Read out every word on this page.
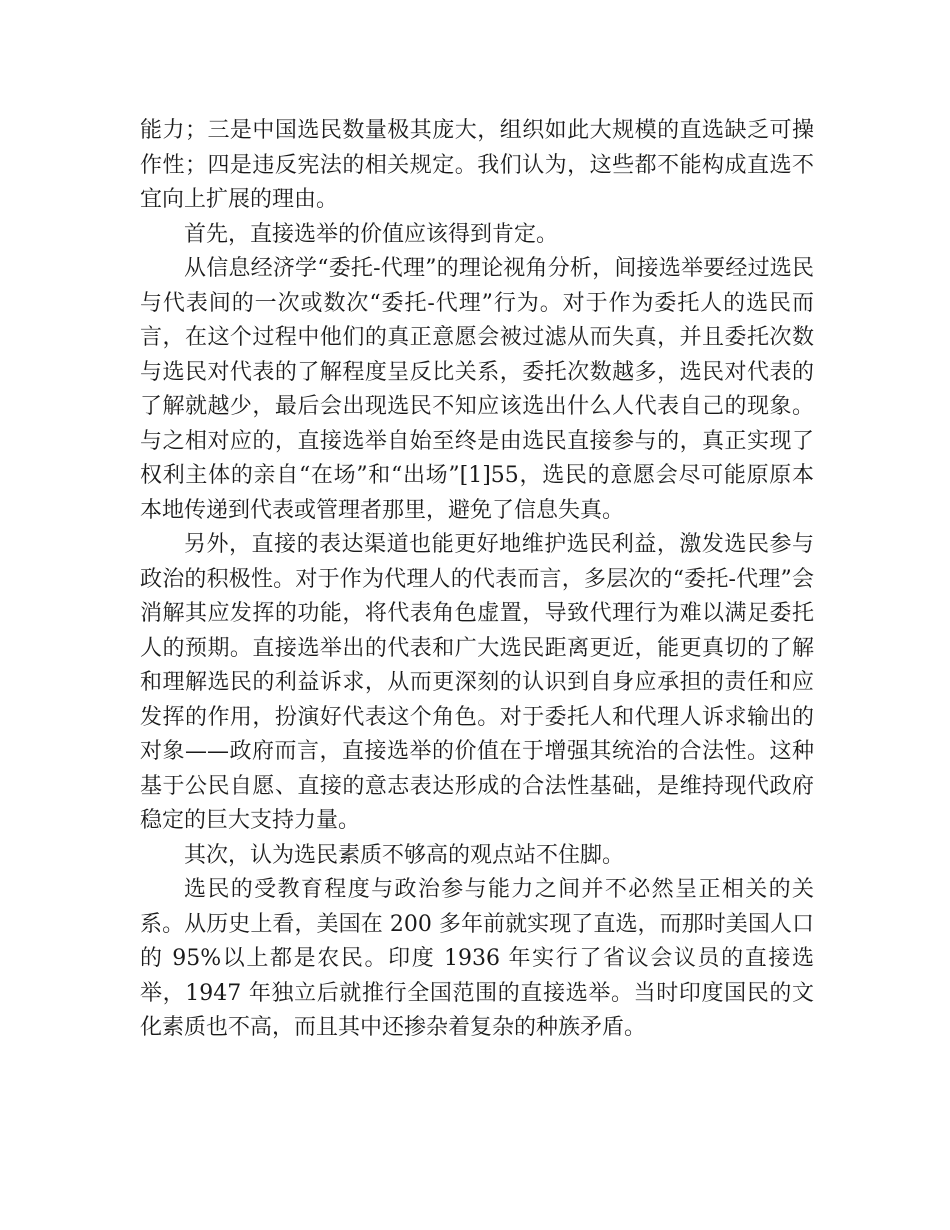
能力；三是中国选民数量极其庞大，组织如此大规模的直选缺乏可操作性；四是违反宪法的相关规定。我们认为，这些都不能构成直选不宜向上扩展的理由。

首先，直接选举的价值应该得到肯定。

从信息经济学“委托-代理”的理论视角分析，间接选举要经过选民与代表间的一次或数次“委托-代理”行为。对于作为委托人的选民而言，在这个过程中他们的真正意愿会被过滤从而失真，并且委托次数与选民对代表的了解程度呈反比关系，委托次数越多，选民对代表的了解就越少，最后会出现选民不知应该选出什么人代表自己的现象。与之相对应的，直接选举自始至终是由选民直接参与的，真正实现了权利主体的亲自“在场”和“出场”[1]55，选民的意愿会尽可能原原本本地传递到代表或管理者那里，避免了信息失真。

另外，直接的表达渠道也能更好地维护选民利益，激发选民参与政治的积极性。对于作为代理人的代表而言，多层次的“委托-代理”会消解其应发挥的功能，将代表角色虚置，导致代理行为难以满足委托人的预期。直接选举出的代表和广大选民距离更近，能更真切的了解和理解选民的利益诉求，从而更深刻的认识到自身应承担的责任和应发挥的作用，扮演好代表这个角色。对于委托人和代理人诉求输出的对象——政府而言，直接选举的价值在于增强其统治的合法性。这种基于公民自愿、直接的意志表达形成的合法性基础，是维持现代政府稳定的巨大支持力量。

其次，认为选民素质不够高的观点站不住脚。

选民的受教育程度与政治参与能力之间并不必然呈正相关的关系。从历史上看，美国在 200 多年前就实现了直选，而那时美国人口的 95%以上都是农民。印度 1936 年实行了省议会议员的直接选举，1947 年独立后就推行全国范围的直接选举。当时印度国民的文化素质也不高，而且其中还掺杂着复杂的种族矛盾。
